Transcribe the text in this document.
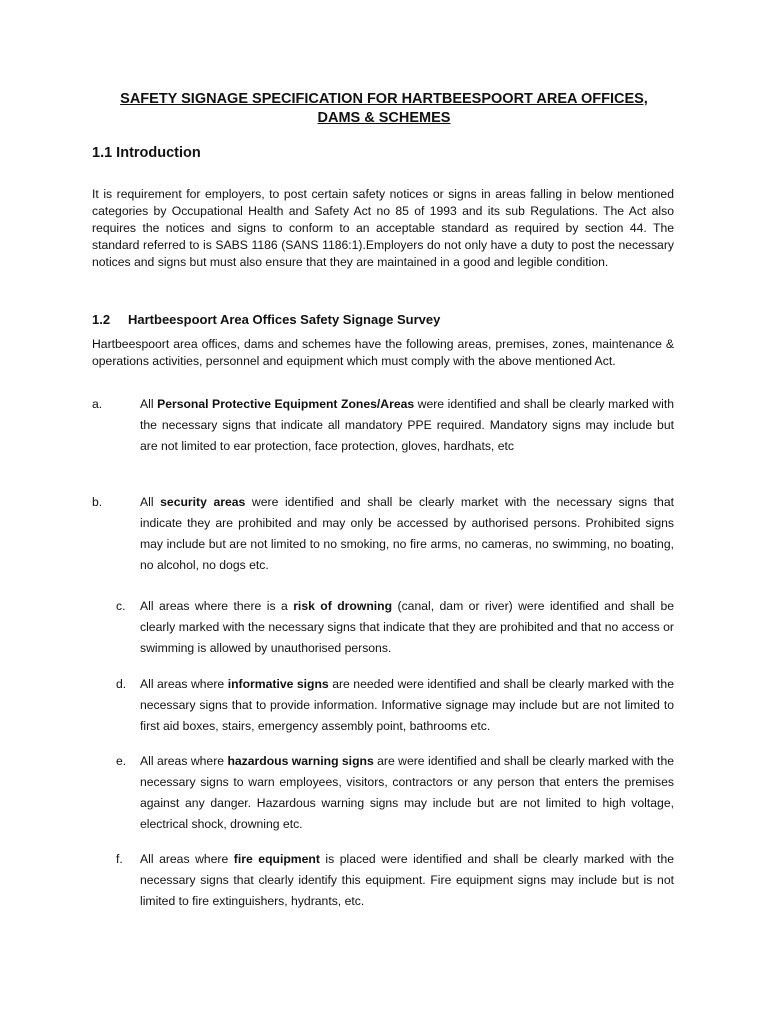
SAFETY SIGNAGE SPECIFICATION FOR HARTBEESPOORT AREA OFFICES,
DAMS & SCHEMES
1.1 Introduction
It is requirement for employers, to post certain safety notices or signs in areas falling in below mentioned categories by Occupational Health and Safety Act no 85 of 1993 and its sub Regulations. The Act also requires the notices and signs to conform to an acceptable standard as required by section 44. The standard referred to is SABS 1186 (SANS 1186:1).Employers do not only have a duty to post the necessary notices and signs but must also ensure that they are maintained in a good and legible condition.
1.2 Hartbeespoort Area Offices Safety Signage Survey
Hartbeespoort area offices, dams and schemes have the following areas, premises, zones, maintenance & operations activities, personnel and equipment which must comply with the above mentioned Act.
a.	All Personal Protective Equipment Zones/Areas were identified and shall be clearly marked with the necessary signs that indicate all mandatory PPE required. Mandatory signs may include but are not limited to ear protection, face protection, gloves, hardhats, etc
b.	All security areas were identified and shall be clearly market with the necessary signs that indicate they are prohibited and may only be accessed by authorised persons. Prohibited signs may include but are not limited to no smoking, no fire arms, no cameras, no swimming, no boating, no alcohol, no dogs etc.
c. All areas where there is a risk of drowning (canal, dam or river) were identified and shall be clearly marked with the necessary signs that indicate that they are prohibited and that no access or swimming is allowed by unauthorised persons.
d. All areas where informative signs are needed were identified and shall be clearly marked with the necessary signs that to provide information. Informative signage may include but are not limited to first aid boxes, stairs, emergency assembly point, bathrooms etc.
e. All areas where hazardous warning signs are were identified and shall be clearly marked with the necessary signs to warn employees, visitors, contractors or any person that enters the premises against any danger. Hazardous warning signs may include but are not limited to high voltage, electrical shock, drowning etc.
f. All areas where fire equipment is placed were identified and shall be clearly marked with the necessary signs that clearly identify this equipment. Fire equipment signs may include but is not limited to fire extinguishers, hydrants, etc.
